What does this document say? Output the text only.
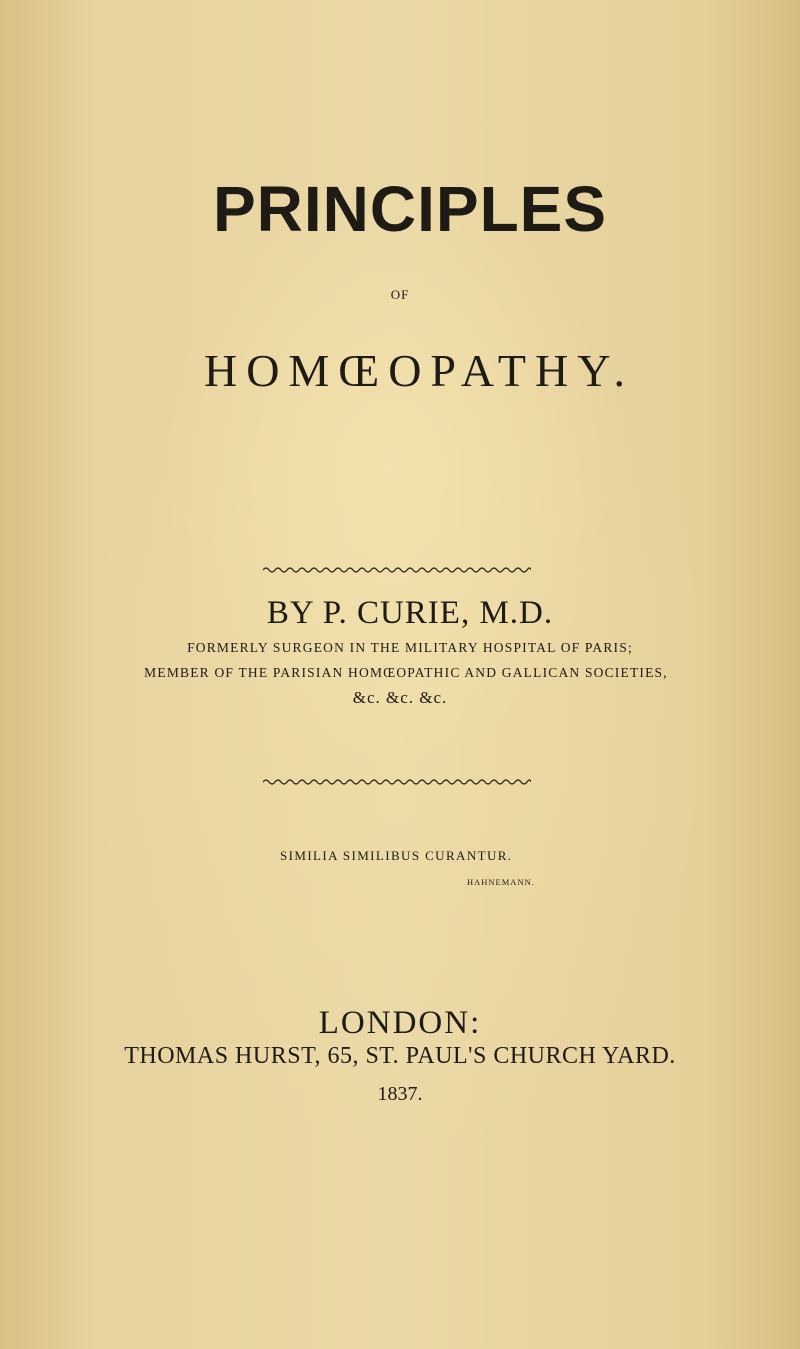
PRINCIPLES
OF
HOMŒOPATHY.
BY P. CURIE, M.D.
FORMERLY SURGEON IN THE MILITARY HOSPITAL OF PARIS;
MEMBER OF THE PARISIAN HOMŒOPATHIC AND GALLICAN SOCIETIES,
&c. &c. &c.
SIMILIA SIMILIBUS CURANTUR.
HAHNEMANN.
LONDON:
THOMAS HURST, 65, ST. PAUL'S CHURCH YARD.
1837.
